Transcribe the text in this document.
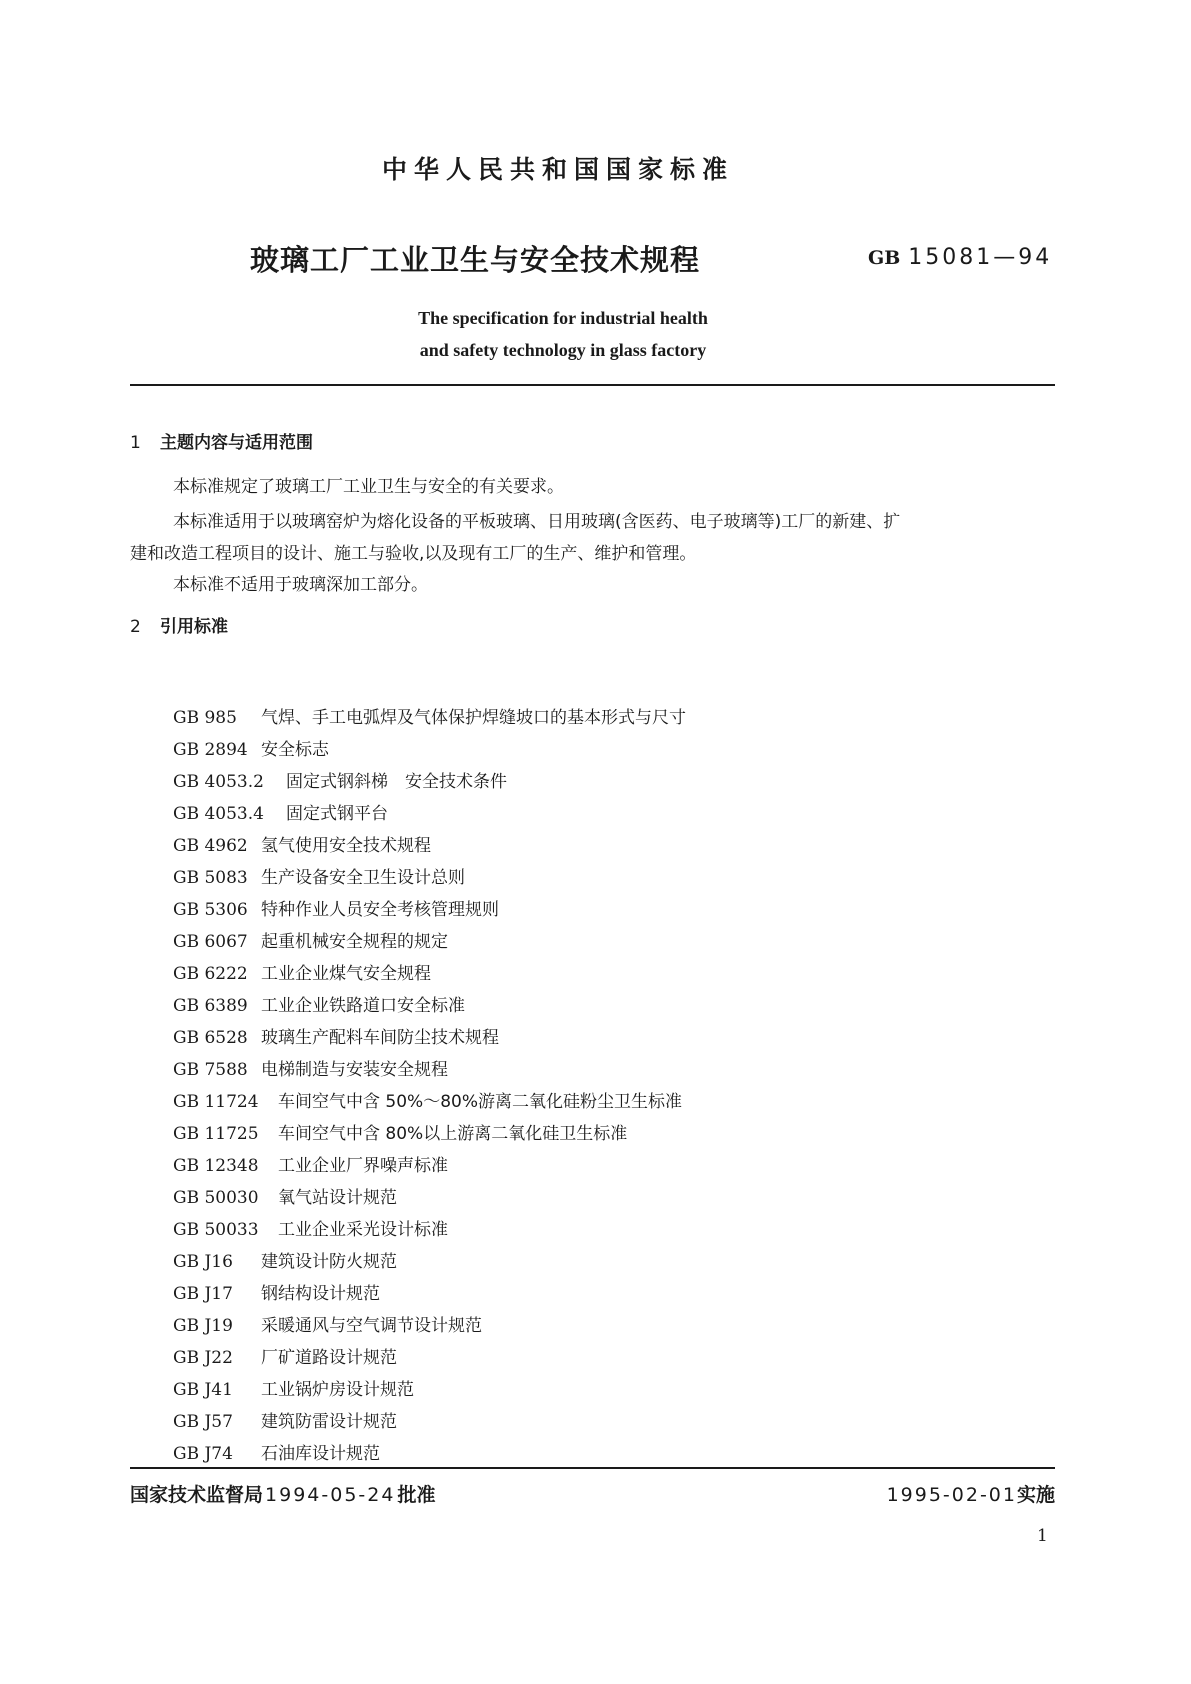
中华人民共和国国家标准
玻璃工厂工业卫生与安全技术规程	GB 15081—94
The specification for industrial health
and safety technology in glass factory
1 主题内容与适用范围
本标准规定了玻璃工厂工业卫生与安全的有关要求。
本标准适用于以玻璃窑炉为熔化设备的平板玻璃、日用玻璃(含医药、电子玻璃等)工厂的新建、扩
建和改造工程项目的设计、施工与验收,以及现有工厂的生产、维护和管理。
本标准不适用于玻璃深加工部分。
2 引用标准
GB 985 气焊、手工电弧焊及气体保护焊缝坡口的基本形式与尺寸
GB 2894 安全标志
GB 4053.2 固定式钢斜梯　安全技术条件
GB 4053.4 固定式钢平台
GB 4962 氢气使用安全技术规程
GB 5083 生产设备安全卫生设计总则
GB 5306 特种作业人员安全考核管理规则
GB 6067 起重机械安全规程的规定
GB 6222 工业企业煤气安全规程
GB 6389 工业企业铁路道口安全标准
GB 6528 玻璃生产配料车间防尘技术规程
GB 7588 电梯制造与安装安全规程
GB 11724 车间空气中含 50%～80%游离二氧化硅粉尘卫生标准
GB 11725 车间空气中含 80%以上游离二氧化硅卫生标准
GB 12348 工业企业厂界噪声标准
GB 50030 氧气站设计规范
GB 50033 工业企业采光设计标准
GB J16 建筑设计防火规范
GB J17 钢结构设计规范
GB J19 采暖通风与空气调节设计规范
GB J22 厂矿道路设计规范
GB J41 工业锅炉房设计规范
GB J57 建筑防雷设计规范
GB J74 石油库设计规范
国家技术监督局 1994-05-24 批准	1995-02-01实施
1
